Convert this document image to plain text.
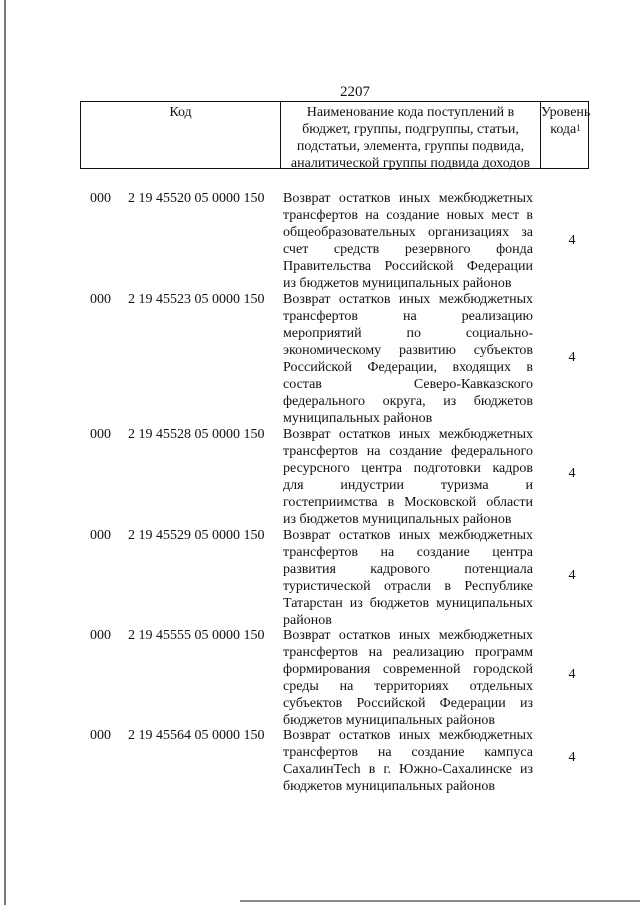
2207
Код	Наименование кода поступлений в
бюджет, группы, подгруппы, статьи,
подстатьи, элемента, группы подвида,
аналитической группы подвида доходов
Уровень
кода$^1$
000 2 19 45520 05 0000 150 Возврат остатков иных межбюджетных
трансфертов на создание новых мест в
общеобразовательных организациях за
счет средств резервного фонда
Правительства Российской Федерации
из бюджетов муниципальных районов
4
000 2 19 45523 05 0000 150 Возврат остатков иных межбюджетных
трансфертов на реализацию
мероприятий по социально-
экономическому развитию субъектов
Российской Федерации, входящих в
состав Северо-Кавказского
федерального округа, из бюджетов
муниципальных районов
4
000 2 19 45528 05 0000 150 Возврат остатков иных межбюджетных
трансфертов на создание федерального
ресурсного центра подготовки кадров
для индустрии туризма и
гостеприимства в Московской области
из бюджетов муниципальных районов
4
000 2 19 45529 05 0000 150 Возврат остатков иных межбюджетных
трансфертов на создание центра
развития кадрового потенциала
туристической отрасли в Республике
Татарстан из бюджетов муниципальных
районов
4
000 2 19 45555 05 0000 150 Возврат остатков иных межбюджетных
трансфертов на реализацию программ
формирования современной городской
среды на территориях отдельных
субъектов Российской Федерации из
бюджетов муниципальных районов
4
000 2 19 45564 05 0000 150 Возврат остатков иных межбюджетных
трансфертов на создание кампуса
СахалинTech в г. Южно-Сахалинске из
бюджетов муниципальных районов
4
